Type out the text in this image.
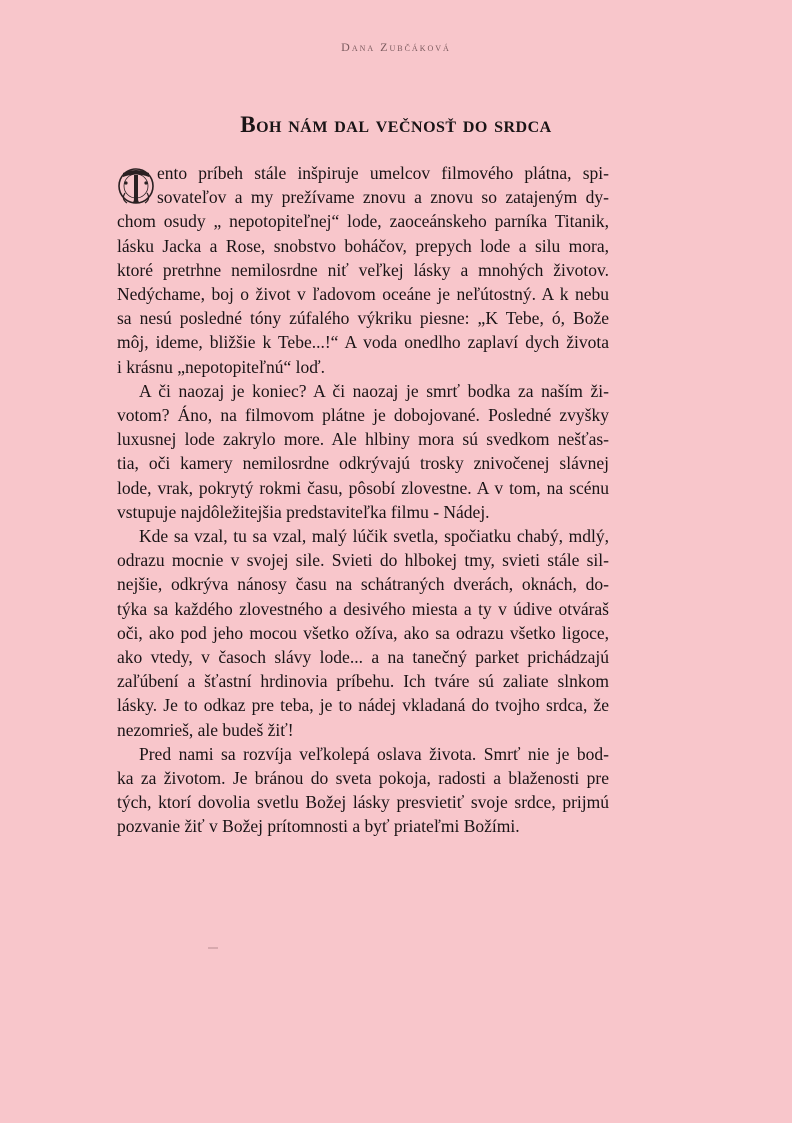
Dana Zubčáková
Boh nám dal večnosť do srdca
ento príbeh stále inšpiruje umelcov filmového plátna, spi-
sovateľov a my prežívame znovu a znovu so zatajeným dy-
chom osudy „ nepotopiteľnej“ lode, zaoceánskeho parníka Titanik,
lásku Jacka a Rose, snobstvo boháčov, prepych lode a silu mora,
ktoré pretrhne nemilosrdne niť veľkej lásky a mnohých životov.
Nedýchame, boj o život v ľadovom oceáne je neľútostný. A k nebu
sa nesú posledné tóny zúfalého výkriku piesne: „K Tebe, ó, Bože
môj, ideme, bližšie k Tebe...!“ A voda onedlho zaplaví dych života
i krásnu „nepotopiteľnú“ loď.
A či naozaj je koniec? A či naozaj je smrť bodka za naším ži-
votom? Áno, na filmovom plátne je dobojované. Posledné zvyšky
luxusnej lode zakrylo more. Ale hlbiny mora sú svedkom nešťas-
tia, oči kamery nemilosrdne odkrývajú trosky znivočenej slávnej
lode, vrak, pokrytý rokmi času, pôsobí zlovestne. A v tom, na scénu
vstupuje najdôležitejšia predstaviteľka filmu - Nádej.
Kde sa vzal, tu sa vzal, malý lúčik svetla, spočiatku chabý, mdlý,
odrazu mocnie v svojej sile. Svieti do hlbokej tmy, svieti stále sil-
nejšie, odkrýva nánosy času na schátraných dverách, oknách, do-
týka sa každého zlovestného a desivého miesta a ty v údive otváraš
oči, ako pod jeho mocou všetko ožíva, ako sa odrazu všetko ligoce,
ako vtedy, v časoch slávy lode... a na tanečný parket prichádzajú
zaľúbení a šťastní hrdinovia príbehu. Ich tváre sú zaliate slnkom
lásky. Je to odkaz pre teba, je to nádej vkladaná do tvojho srdca, že
nezomrieš, ale budeš žiť!
Pred nami sa rozvíja veľkolepá oslava života. Smrť nie je bod-
ka za životom. Je bránou do sveta pokoja, radosti a blaženosti pre
tých, ktorí dovolia svetlu Božej lásky presvietiť svoje srdce, prijmú
pozvanie žiť v Božej prítomnosti a byť priateľmi Božími.
